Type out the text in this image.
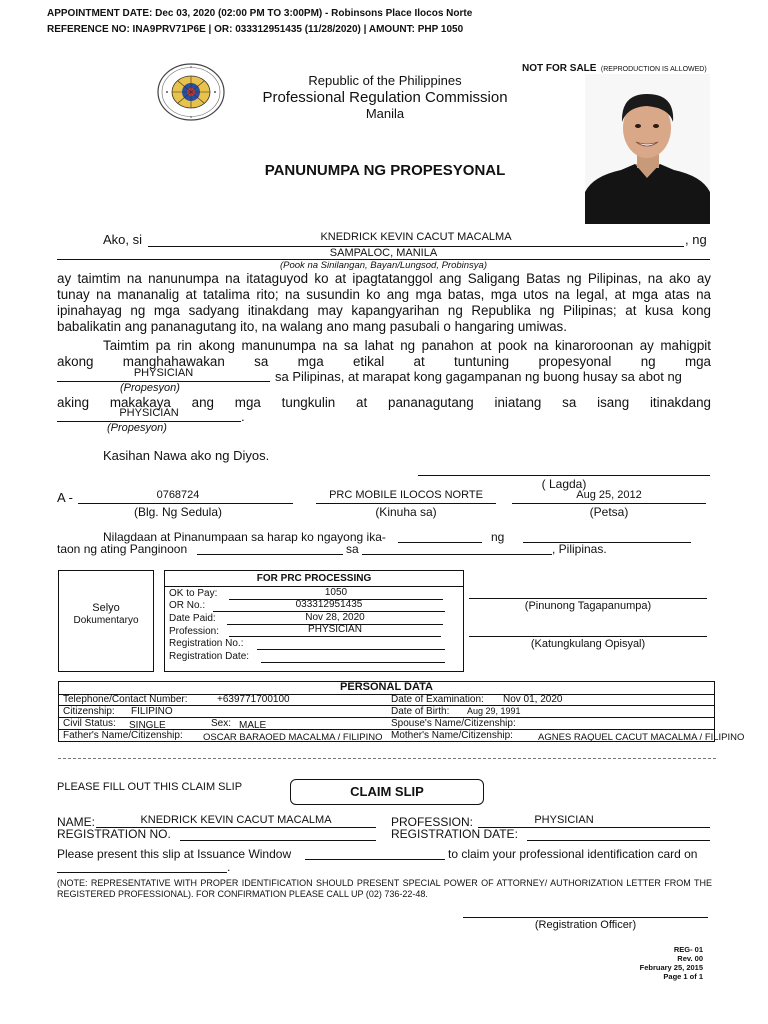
APPOINTMENT DATE: Dec 03, 2020 (02:00 PM TO 3:00PM) - Robinsons Place Ilocos Norte
REFERENCE NO: INA9PRV71P6E | OR: 033312951435 (11/28/2020) | AMOUNT: PHP 1050
NOT FOR SALE (REPRODUCTION IS ALLOWED)
Republic of the Philippines
Professional Regulation Commission
Manila
PANUNUMPA NG PROPESYONAL
Ako, si	KNEDRICK KEVIN CACUT MACALMA	, ng
SAMPALOC, MANILA
(Pook na Sinilangan, Bayan/Lungsod, Probinsya)
ay taimtim na nanunumpa na itataguyod ko at ipagtatanggol ang Saligang Batas ng Pilipinas, na ako ay
tunay na mananalig at tatalima rito; na susundin ko ang mga batas, mga utos na legal, at mga atas na
ipinahayag ng mga sadyang itinakdang may kapangyarihan ng Republika ng Pilipinas; at kusa kong
babalikatin ang pananagutang ito, na walang ano mang pasubali o hangaring umiwas.
Taimtim pa rin akong manunumpa na sa lahat ng panahon at pook na kinaroroonan ay mahigpit
akong manghahawakan sa mga etikal at tuntuning propesyonal ng mga
PHYSICIAN	sa Pilipinas, at marapat kong gagampanan ng buong husay sa abot ng
(Propesyon)
aking makakaya ang mga tungkulin at pananagutang iniatang sa isang itinakdang
PHYSICIAN	.
(Propesyon)
Kasihan Nawa ako ng Diyos.
( Lagda)
A -	0768724
(Blg. Ng Sedula)
PRC MOBILE ILOCOS NORTE
(Kinuha sa)
Aug 25, 2012
(Petsa)
Nilagdaan at Pinanumpaan sa harap ko ngayong ika-	ng
taon ng ating Panginoon	sa	, Pilipinas.
Selyo
Dokumentaryo
FOR PRC PROCESSING
OK to Pay:	1050
OR No.:	033312951435
Date Paid:	Nov 28, 2020
Profession:	PHYSICIAN
Registration No.:
Registration Date:
(Pinunong Tagapanumpa)
(Katungkulang Opisyal)
PERSONAL DATA
Telephone/Contact Number:	+639771700100	Date of Examination: Nov 01, 2020
Citizenship: FILIPINO	Date of Birth: Aug 29, 1991
Civil Status: SINGLE	Sex: MALE	Spouse's Name/Citizenship:
Father's Name/Citizenship: OSCAR BARAOED MACALMA / FILIPINO Mother's Name/Citizenship:	AGNES RAQUEL CACUT MACALMA / FILIPINO
PLEASE FILL OUT THIS CLAIM SLIP	CLAIM SLIP
NAME:	KNEDRICK KEVIN CACUT MACALMA	PROFESSION:	PHYSICIAN
REGISTRATION NO.	REGISTRATION DATE:
Please present this slip at Issuance Window	to claim your professional identification card on
.
(NOTE: REPRESENTATIVE WITH PROPER IDENTIFICATION SHOULD PRESENT SPECIAL POWER OF ATTORNEY/ AUTHORIZATION LETTER FROM THE REGISTERED PROFESSIONAL). FOR CONFIRMATION PLEASE CALL UP (02) 736-22-48.
(Registration Officer)
REG- 01
Rev. 00
February 25, 2015
Page 1 of 1
